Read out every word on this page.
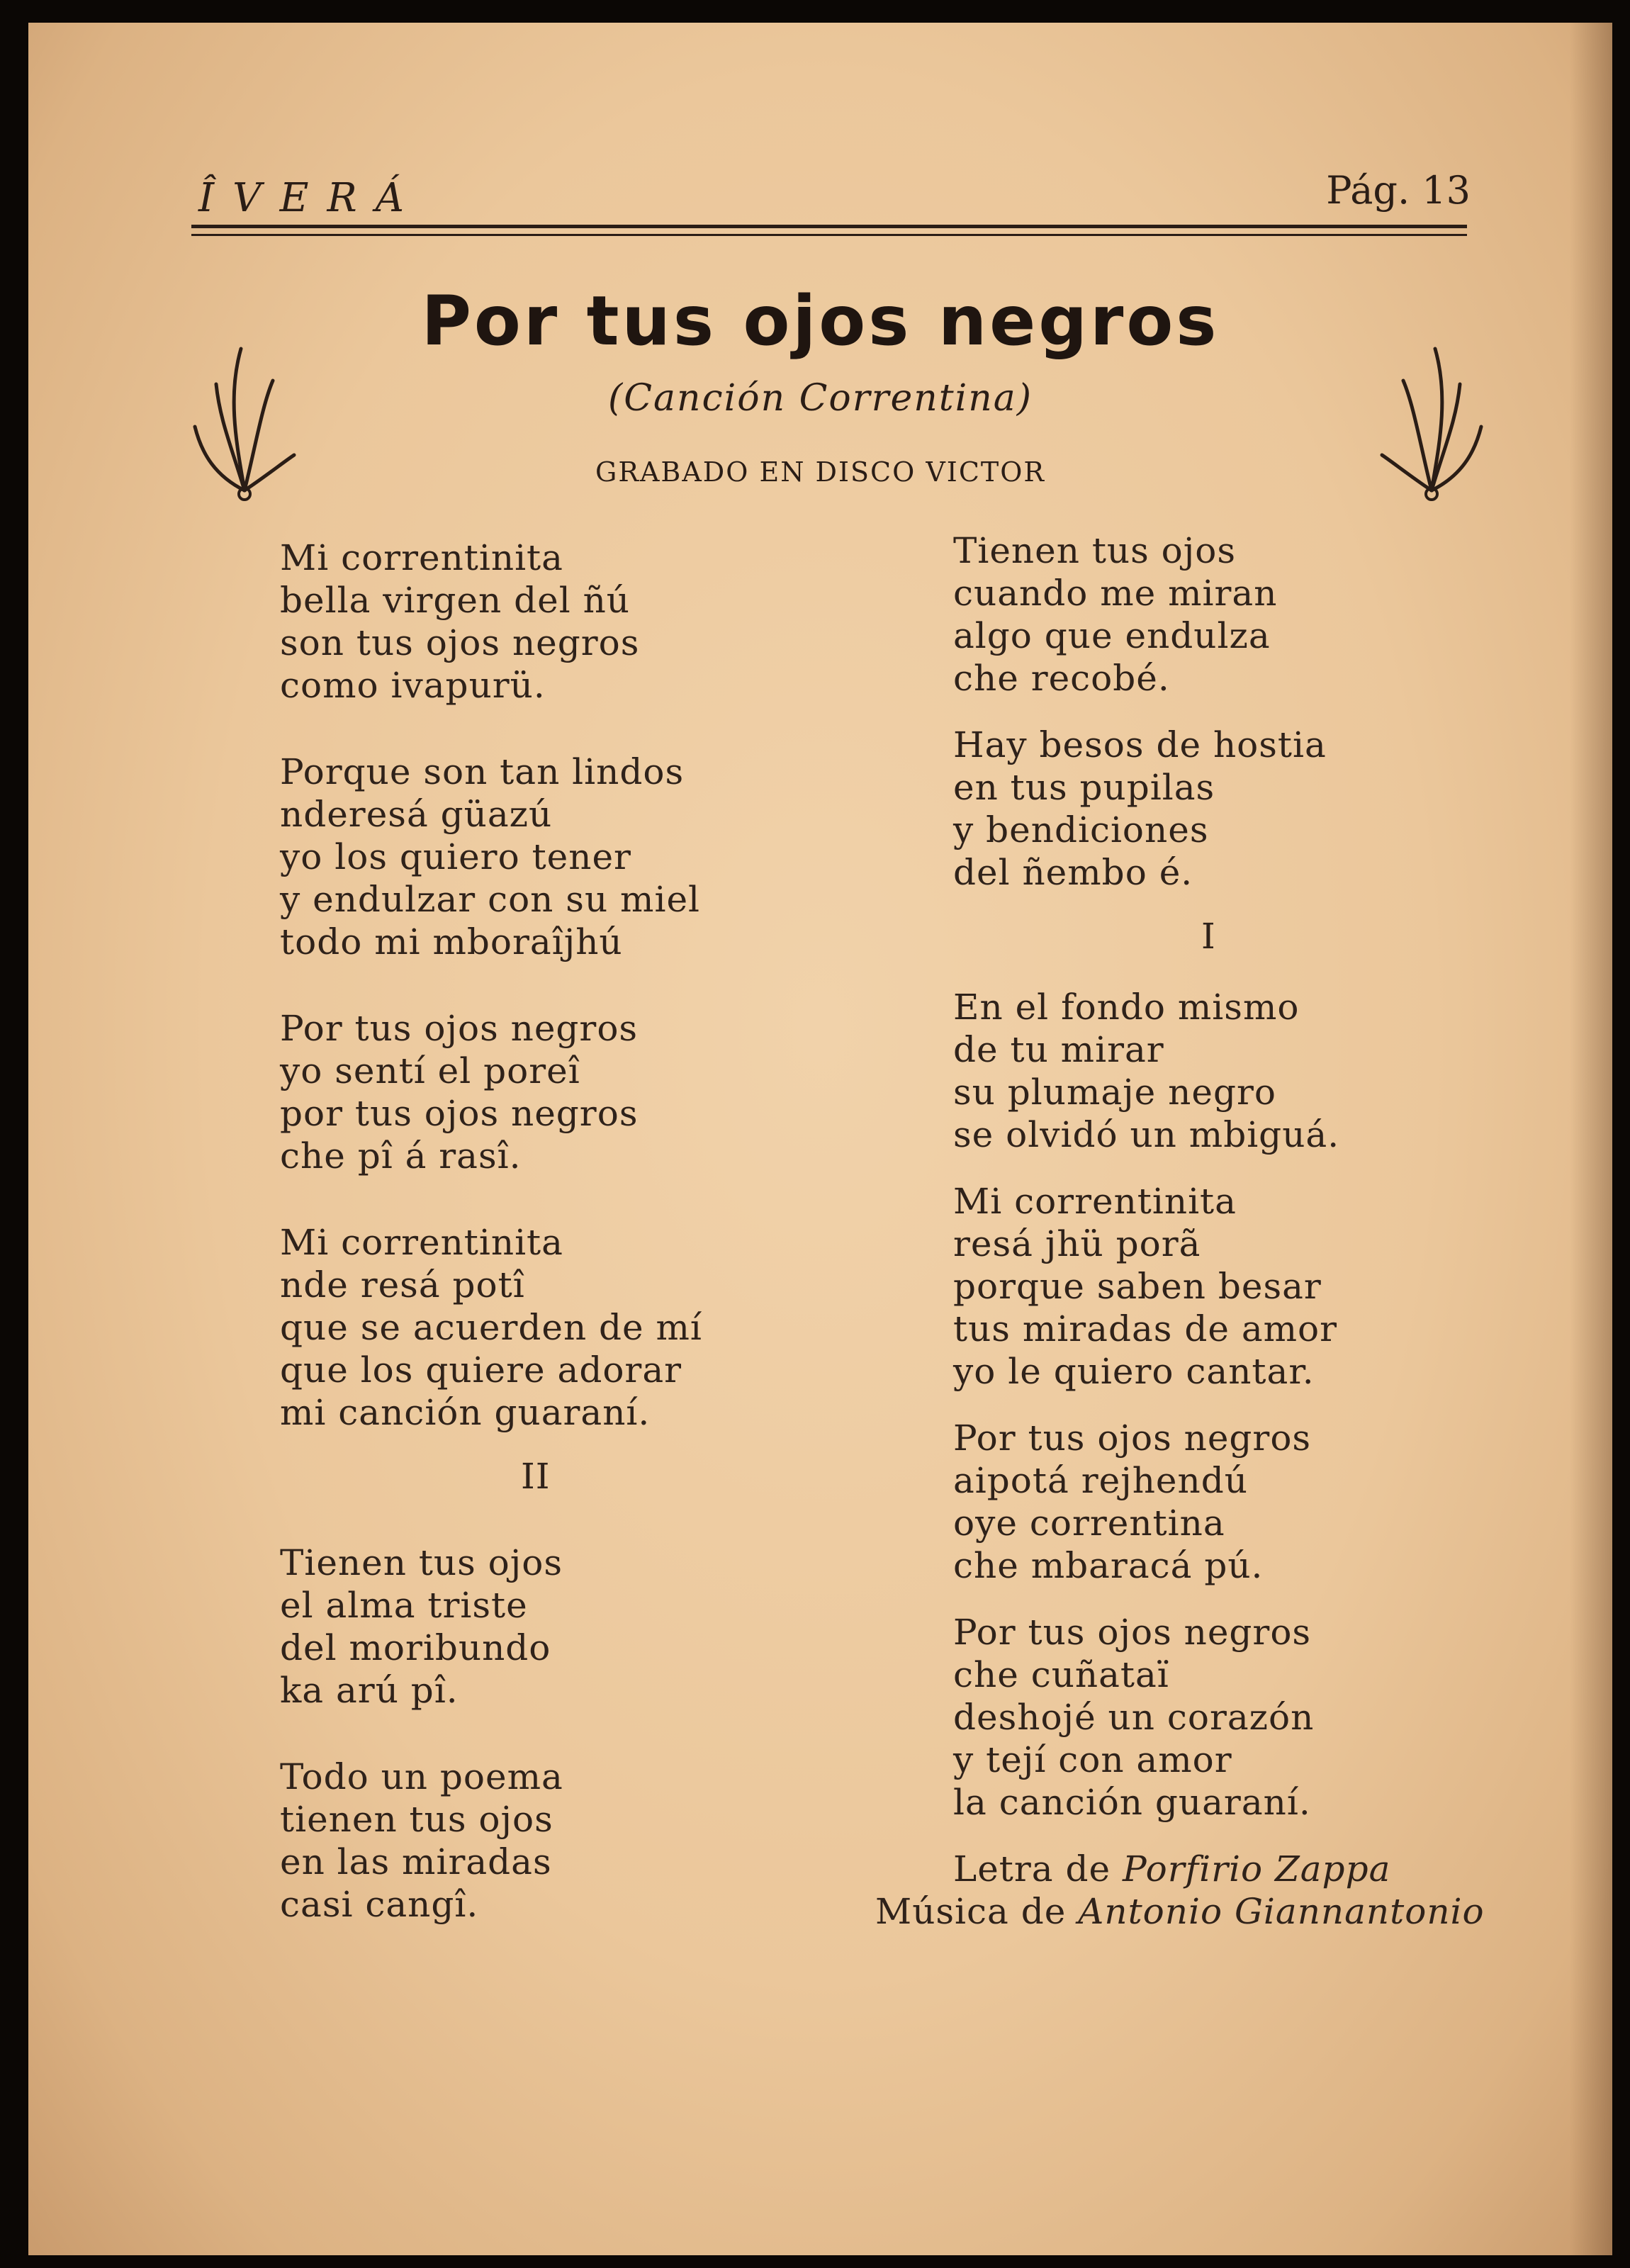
ÎVERÁ	Pág. 13
Por tus ojos negros
(Canción Correntina)
GRABADO EN DISCO VICTOR
Mi correntinita
bella virgen del ñú
son tus ojos negros
como ivapurü.
Porque son tan lindos
nderesá güazú
yo los quiero tener
y endulzar con su miel
todo mi mboraîjhú
Por tus ojos negros
yo sentí el poreî
por tus ojos negros
che pî á rasî.
Mi correntinita
nde resá potî
que se acuerden de mí
que los quiere adorar
mi canción guaraní.
II
Tienen tus ojos
el alma triste
del moribundo
ka arú pî.
Todo un poema
tienen tus ojos
en las miradas
casi cangî.
Tienen tus ojos
cuando me miran
algo que endulza
che recobé.
Hay besos de hostia
en tus pupilas
y bendiciones
del ñembo é.
I
En el fondo mismo
de tu mirar
su plumaje negro
se olvidó un mbiguá.
Mi correntinita
resá jhü porã
porque saben besar
tus miradas de amor
yo le quiero cantar.
Por tus ojos negros
aipotá rejhendú
oye correntina
che mbaracá pú.
Por tus ojos negros
che cuñataï
deshojé un corazón
y tejí con amor
la canción guaraní.
Letra de Porfirio Zappa
Música de Antonio Giannantonio
